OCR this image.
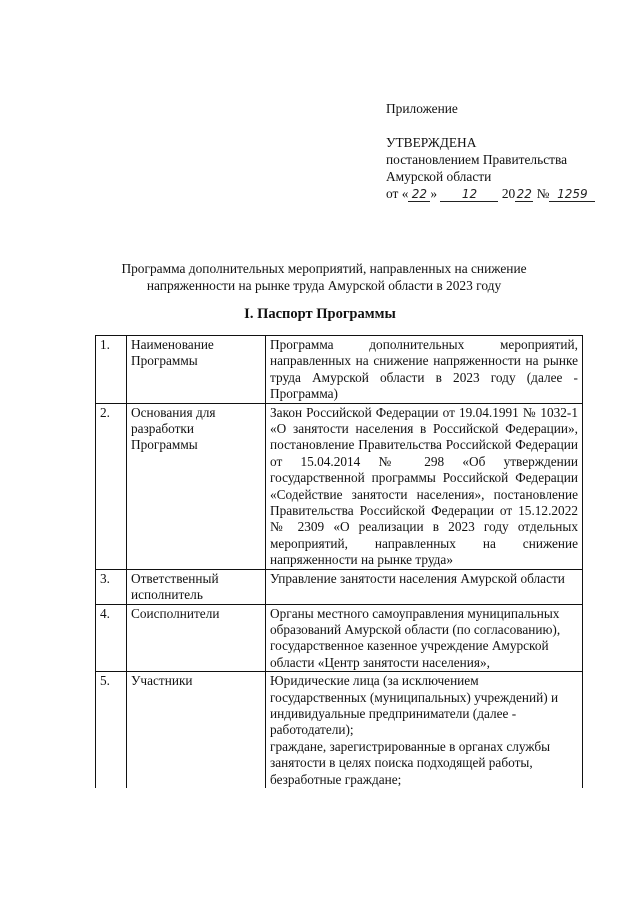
Приложение
УТВЕРЖДЕНА
постановлением Правительства
Амурской области
от « 22 » 12 2022 № 1259
Программа дополнительных мероприятий, направленных на снижение
напряженности на рынке труда Амурской области в 2023 году
I. Паспорт Программы
1.	Наименование Программы	Программа дополнительных мероприятий, направленных на снижение напряженности на рынке труда Амурской области в 2023 году (далее - Программа)
2.	Основания для разработки Программы	Закон Российской Федерации от 19.04.1991 № 1032-1 «О занятости населения в Российской Федерации», постановление Правительства Российской Федерации от 15.04.2014 № 298 «Об утверждении государственной программы Российской Федерации «Содействие занятости населения», постановление Правительства Российской Федерации от 15.12.2022 № 2309 «О реализации в 2023 году отдельных мероприятий, направленных на снижение напряженности на рынке труда»
3.	Ответственный исполнитель	Управление занятости населения Амурской области
4.	Соисполнители	Органы местного самоуправления муниципальных образований Амурской области (по согласованию), государственное казенное учреждение Амурской области «Центр занятости населения»,
5.	Участники	Юридические лица (за исключением государственных (муниципальных) учреждений) и индивидуальные предприниматели (далее - работодатели);
граждане, зарегистрированные в органах службы занятости в целях поиска подходящей работы, безработные граждане;
